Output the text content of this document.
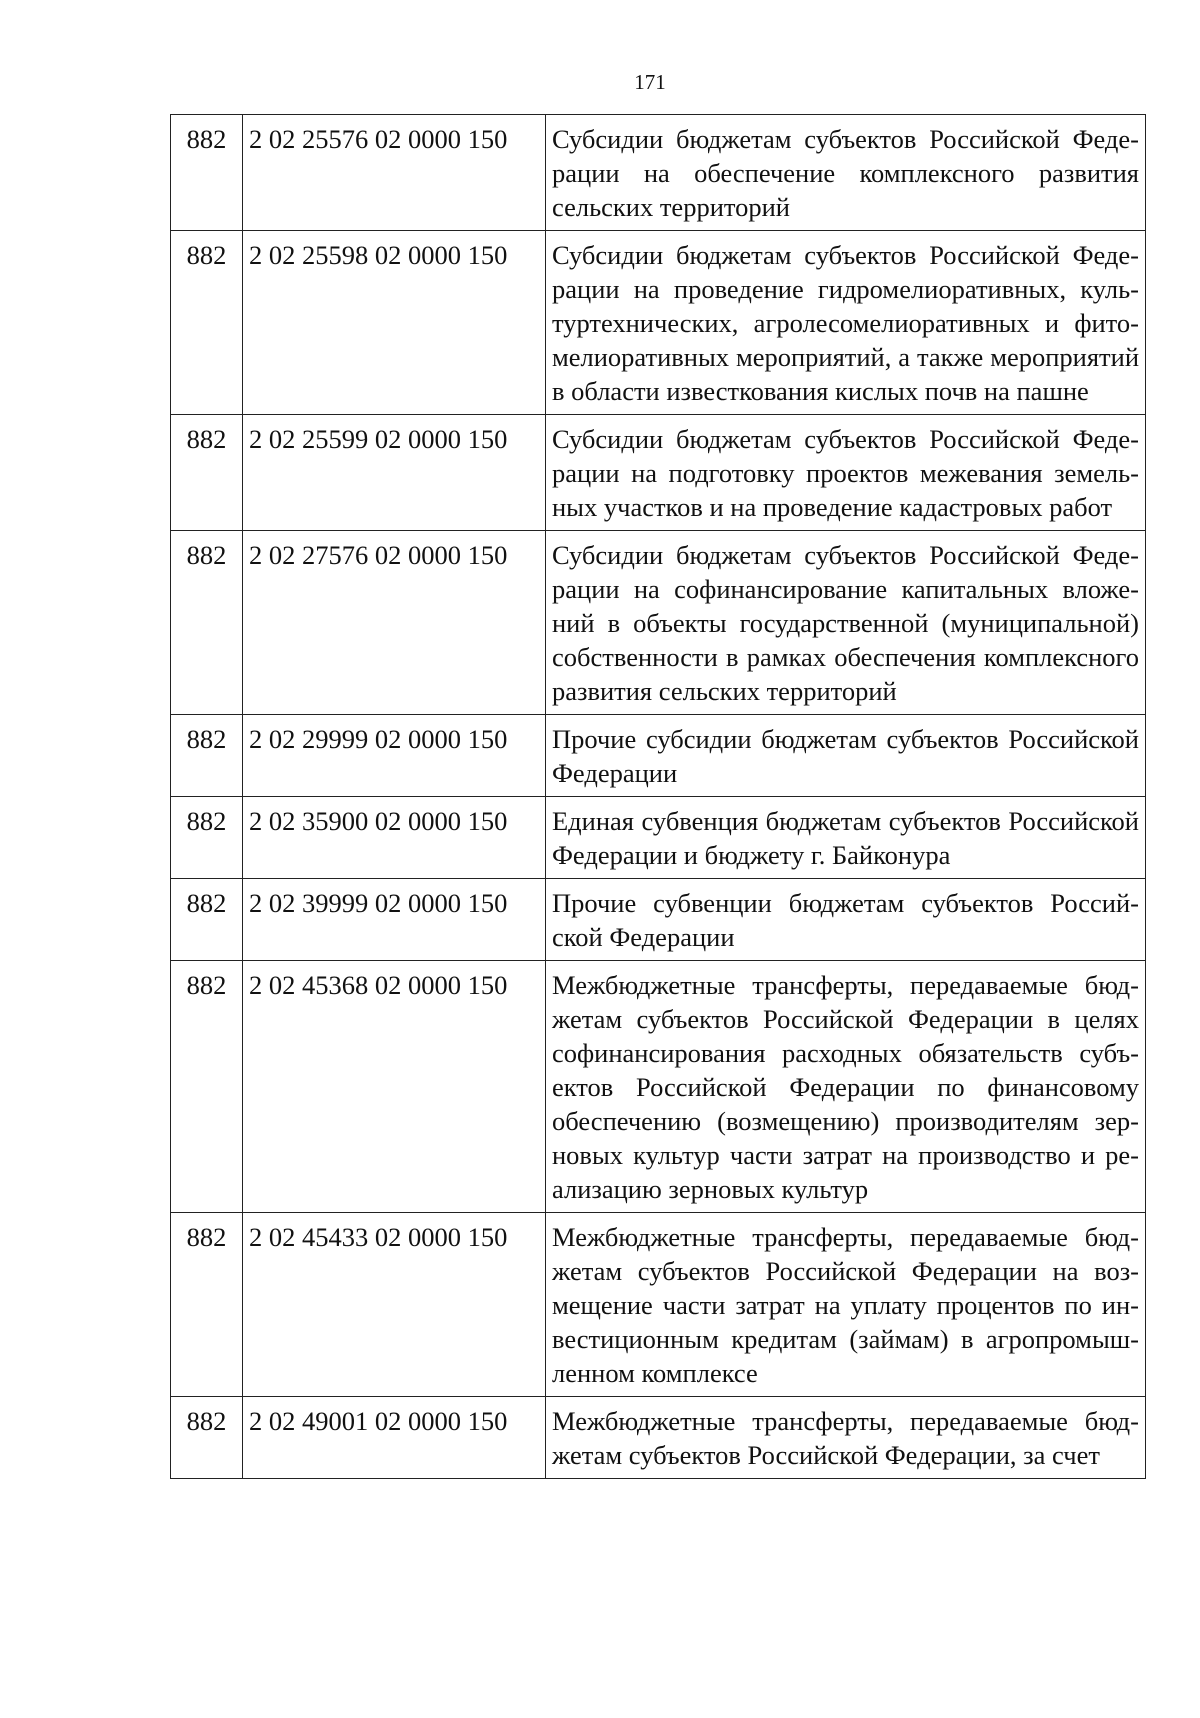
171
882	2 02 25576 02 0000 150	Субсидии бюджетам субъектов Российской Федерации на обеспечение комплексного развития сельских территорий
882	2 02 25598 02 0000 150	Субсидии бюджетам субъектов Российской Федерации на проведение гидромелиоративных, культуртехнических, агролесомелиоративных и фитомелиоративных мероприятий, а также мероприятий в области известкования кислых почв на пашне
882	2 02 25599 02 0000 150	Субсидии бюджетам субъектов Российской Федерации на подготовку проектов межевания земельных участков и на проведение кадастровых работ
882	2 02 27576 02 0000 150	Субсидии бюджетам субъектов Российской Федерации на софинансирование капитальных вложений в объекты государственной (муниципальной) собственности в рамках обеспечения комплексного развития сельских территорий
882	2 02 29999 02 0000 150	Прочие субсидии бюджетам субъектов Российской Федерации
882	2 02 35900 02 0000 150	Единая субвенция бюджетам субъектов Российской Федерации и бюджету г. Байконура
882	2 02 39999 02 0000 150	Прочие субвенции бюджетам субъектов Российской Федерации
882	2 02 45368 02 0000 150	Межбюджетные трансферты, передаваемые бюджетам субъектов Российской Федерации в целях софинансирования расходных обязательств субъектов Российской Федерации по финансовому обеспечению (возмещению) производителям зерновых культур части затрат на производство и реализацию зерновых культур
882	2 02 45433 02 0000 150	Межбюджетные трансферты, передаваемые бюджетам субъектов Российской Федерации на возмещение части затрат на уплату процентов по инвестиционным кредитам (займам) в агропромышленном комплексе
882	2 02 49001 02 0000 150	Межбюджетные трансферты, передаваемые бюджетам субъектов Российской Федерации, за счет
